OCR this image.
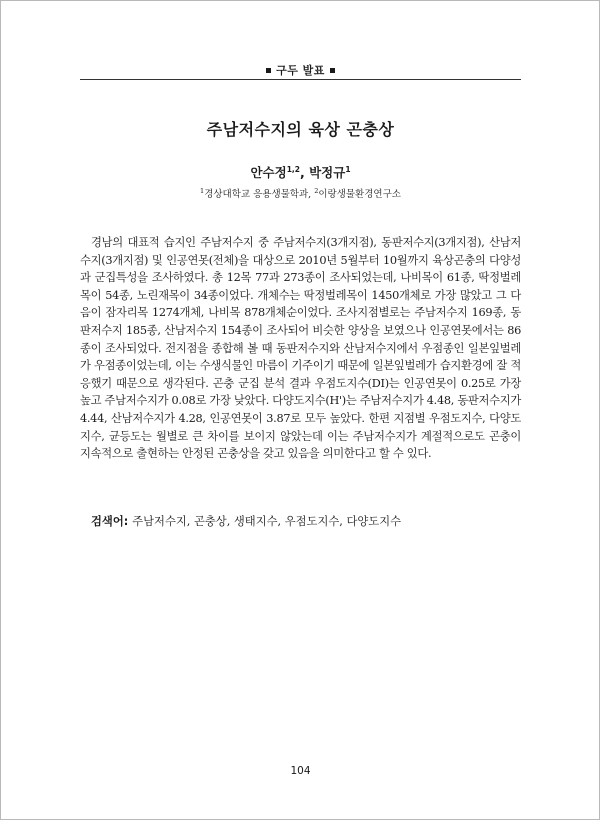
구두 발표
주남저수지의 육상 곤충상
안수정$^{1,2}$, 박정규$^1$
$^1$경상대학교 응용생물학과, $^2$이랑생물환경연구소

경남의 대표적 습지인 주남저수지 중 주남저수지(3개지점), 동판저수지(3개지점), 산남저수지(3개지점) 및 인공연못(전체)을 대상으로 2010년 5월부터 10월까지 육상곤충의 다양성과 군집특성을 조사하였다. 총 12목 77과 273종이 조사되었는데, 나비목이 61종, 딱정벌레목이 54종, 노린재목이 34종이었다. 개체수는 딱정벌레목이 1450개체로 가장 많았고 그 다음이 잠자리목 1274개체, 나비목 878개체순이었다. 조사지점별로는 주남저수지 169종, 동판저수지 185종, 산남저수지 154종이 조사되어 비슷한 양상을 보였으나 인공연못에서는 86종이 조사되었다. 전지점을 종합해 볼 때 동판저수지와 산남저수지에서 우점종인 일본잎벌레가 우점종이었는데, 이는 수생식물인 마름이 기주이기 때문에 일본잎벌레가 습지환경에 잘 적응했기 때문으로 생각된다. 곤충 군집 분석 결과 우점도지수(DI)는 인공연못이 0.25로 가장 높고 주남저수지가 0.08로 가장 낮았다. 다양도지수(H')는 주남저수지가 4.48, 동판저수지가 4.44, 산남저수지가 4.28, 인공연못이 3.87로 모두 높았다. 한편 지점별 우점도지수, 다양도지수, 균등도는 월별로 큰 차이를 보이지 않았는데 이는 주남저수지가 계절적으로도 곤충이 지속적으로 출현하는 안정된 곤충상을 갖고 있음을 의미한다고 할 수 있다.

검색어: 주남저수지, 곤충상, 생태지수, 우점도지수, 다양도지수
104
